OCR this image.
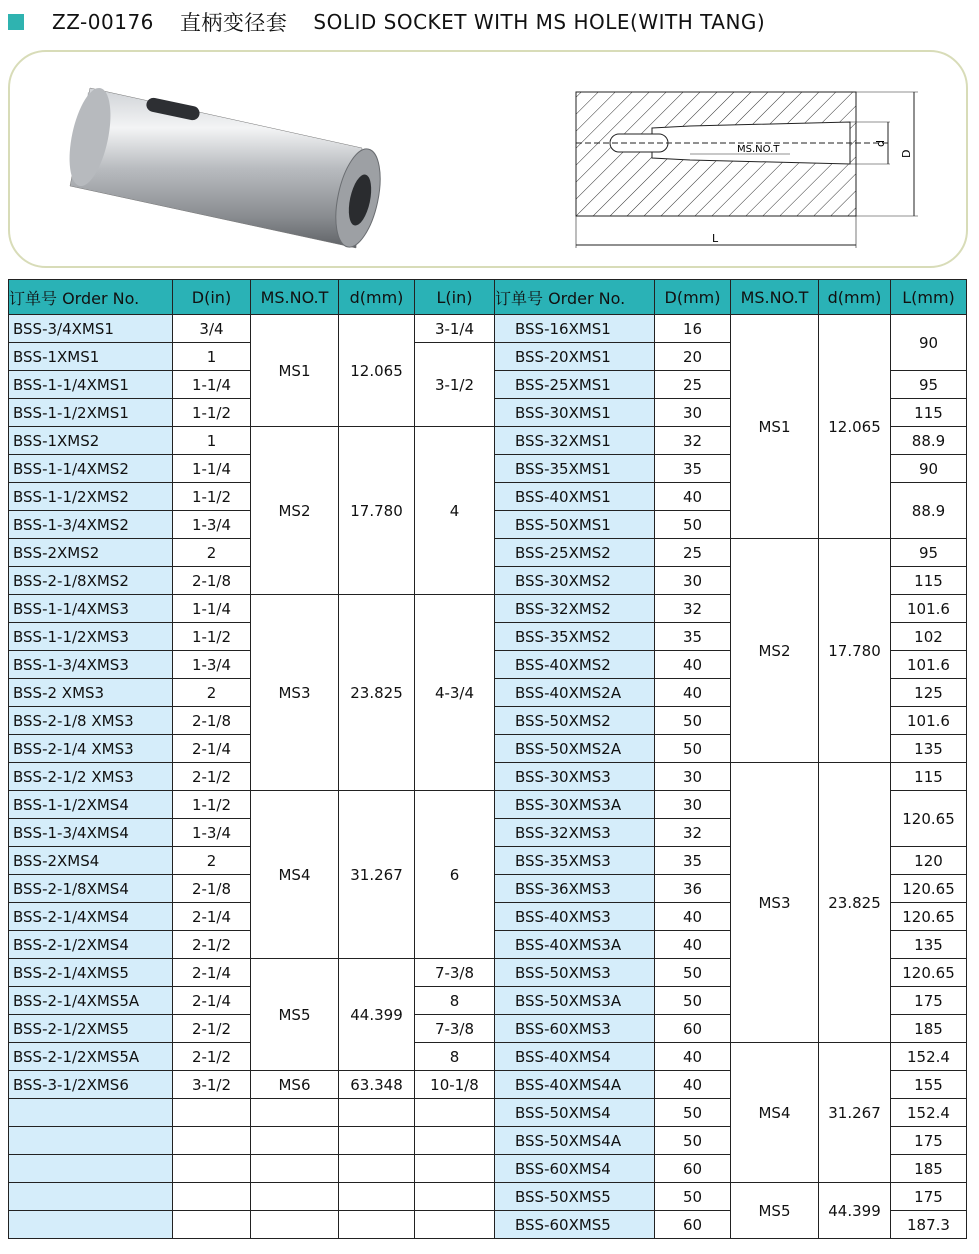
ZZ-00176 直柄变径套 SOLID SOCKET WITH MS HOLE(WITH TANG)
MS.NO.T
d
D
L
订单号 Order No.	D(in)	MS.NO.T	d(mm)	L(in)	订单号 Order No.	D(mm)	MS.NO.T	d(mm)	L(mm)
BSS-3/4XMS1	3/4	MS1	12.065	3-1/4	BSS-16XMS1	16	MS1	12.065	90
BSS-1XMS1	1			3-1/2	BSS-20XMS1	20			
BSS-1-1/4XMS1	1-1/4				BSS-25XMS1	25			95
BSS-1-1/2XMS1	1-1/2				BSS-30XMS1	30			115
BSS-1XMS2	1	MS2	17.780	4	BSS-32XMS1	32			88.9
BSS-1-1/4XMS2	1-1/4				BSS-35XMS1	35			90
BSS-1-1/2XMS2	1-1/2				BSS-40XMS1	40			88.9
BSS-1-3/4XMS2	1-3/4				BSS-50XMS1	50			
BSS-2XMS2	2				BSS-25XMS2	25	MS2	17.780	95
BSS-2-1/8XMS2	2-1/8				BSS-30XMS2	30			115
BSS-1-1/4XMS3	1-1/4	MS3	23.825	4-3/4	BSS-32XMS2	32			101.6
BSS-1-1/2XMS3	1-1/2				BSS-35XMS2	35			102
BSS-1-3/4XMS3	1-3/4				BSS-40XMS2	40			101.6
BSS-2 XMS3	2				BSS-40XMS2A	40			125
BSS-2-1/8 XMS3	2-1/8				BSS-50XMS2	50			101.6
BSS-2-1/4 XMS3	2-1/4				BSS-50XMS2A	50			135
BSS-2-1/2 XMS3	2-1/2				BSS-30XMS3	30	MS3	23.825	115
BSS-1-1/2XMS4	1-1/2	MS4	31.267	6	BSS-30XMS3A	30			120.65
BSS-1-3/4XMS4	1-3/4				BSS-32XMS3	32			
BSS-2XMS4	2				BSS-35XMS3	35			120
BSS-2-1/8XMS4	2-1/8				BSS-36XMS3	36			120.65
BSS-2-1/4XMS4	2-1/4				BSS-40XMS3	40			120.65
BSS-2-1/2XMS4	2-1/2				BSS-40XMS3A	40			135
BSS-2-1/4XMS5	2-1/4	MS5	44.399	7-3/8	BSS-50XMS3	50			120.65
BSS-2-1/4XMS5A	2-1/4			8	BSS-50XMS3A	50			175
BSS-2-1/2XMS5	2-1/2			7-3/8	BSS-60XMS3	60			185
BSS-2-1/2XMS5A	2-1/2			8	BSS-40XMS4	40	MS4	31.267	152.4
BSS-3-1/2XMS6	3-1/2	MS6	63.348	10-1/8	BSS-40XMS4A	40			155
					BSS-50XMS4	50			152.4
					BSS-50XMS4A	50			175
					BSS-60XMS4	60			185
					BSS-50XMS5	50	MS5	44.399	175
					BSS-60XMS5	60			187.3
